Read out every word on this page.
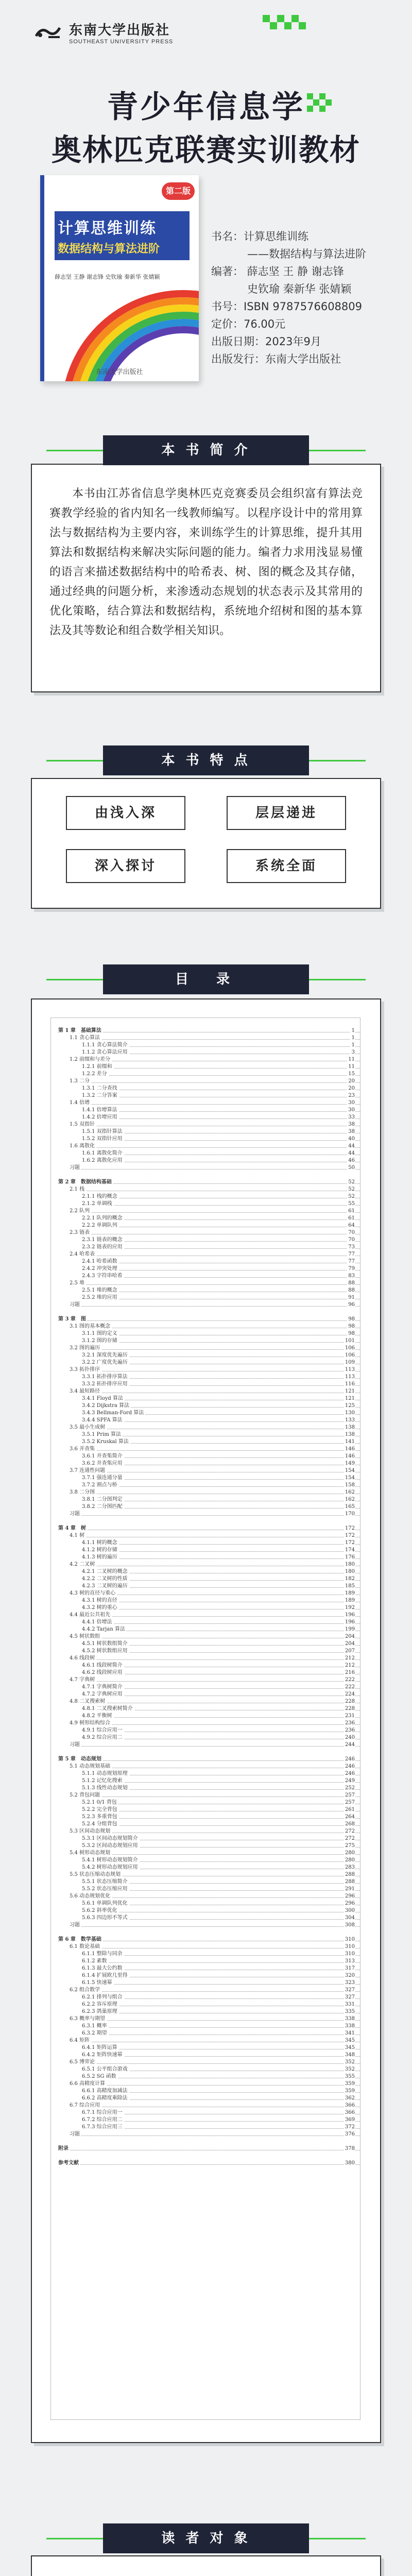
东南大学出版社
SOUTHEAST UNIVERSITY PRESS
青少年信息学
奥林匹克联赛实训教材
第二版
计算思维训练
数据结构与算法进阶
薛志坚 王静 谢志锋 史钦瑜 秦新华 张婧颖
东南大学出版社
书名：计算思维训练
——数据结构与算法进阶
编著： 薛志坚 王 静 谢志锋
史钦瑜 秦新华 张婧颖
书号：ISBN 9787576608809
定价：76.00元
出版日期：2023年9月
出版发行：东南大学出版社
本 书 简 介
本书由江苏省信息学奥林匹克竞赛委员会组织富有算法竞赛教学经验的省内知名一线教师编写。以程序设计中的常用算法与数据结构为主要内容，来训练学生的计算思维，提升其用算法和数据结构来解决实际问题的能力。编者力求用浅显易懂的语言来描述数据结构中的哈希表、树、图的概念及其存储，通过经典的问题分析，来渗透动态规划的状态表示及其常用的优化策略，结合算法和数据结构，系统地介绍树和图的基本算法及其等数论和组合数学相关知识。
本 书 特 点
由浅入深	层层递进
深入探讨	系统全面
目　录
第 1 章　基础算法	1
1.1 贪心算法	1
1.1.1 贪心算法简介	1
1.1.2 贪心算法应用	3
1.2 前缀和与差分	11
1.2.1 前缀和	11
1.2.2 差分	15
1.3 二分	20
1.3.1 二分查找	20
1.3.2 二分答案	23
1.4 倍增	30
1.4.1 倍增算法	30
1.4.2 倍增应用	33
1.5 双指针	38
1.5.1 双指针算法	38
1.5.2 双指针应用	40
1.6 离散化	44
1.6.1 离散化简介	44
1.6.2 离散化应用	46
习题	50
第 2 章　数据结构基础	52
2.1 栈	52
2.1.1 栈的概念	52
2.1.2 单调栈	55
2.2 队列	61
2.2.1 队列的概念	61
2.2.2 单调队列	64
2.3 链表	70
2.3.1 链表的概念	70
2.3.2 链表的应用	73
2.4 哈希表	77
2.4.1 哈希函数	77
2.4.2 冲突处理	79
2.4.3 字符串哈希	83
2.5 堆	88
2.5.1 堆的概念	88
2.5.2 堆的应用	91
习题	96
第 3 章　图	98
3.1 图的基本概念	98
3.1.1 图的定义	98
3.1.2 图的存储	101
3.2 图的遍历	106
3.2.1 深度优先遍历	106
3.2.2 广度优先遍历	109
3.3 拓扑排序	113
3.3.1 拓扑排序算法	113
3.3.2 拓扑排序应用	116
3.4 最短路径	121
3.4.1 Floyd 算法	121
3.4.2 Dijkstra 算法	125
3.4.3 Bellman-Ford 算法	130
3.4.4 SPFA 算法	133
3.5 最小生成树	138
3.5.1 Prim 算法	138
3.5.2 Kruskal 算法	141
3.6 并查集	146
3.6.1 并查集简介	146
3.6.2 并查集应用	149
3.7 连通性问题	154
3.7.1 强连通分量	154
3.7.2 割点与桥	158
3.8 二分图	162
3.8.1 二分图判定	162
3.8.2 二分图匹配	165
习题	170
第 4 章　树	172
4.1 树	172
4.1.1 树的概念	172
4.1.2 树的存储	174
4.1.3 树的遍历	176
4.2 二叉树	180
4.2.1 二叉树的概念	180
4.2.2 二叉树的性质	182
4.2.3 二叉树的遍历	185
4.3 树的直径与重心	189
4.3.1 树的直径	189
4.3.2 树的重心	192
4.4 最近公共祖先	196
4.4.1 倍增法	196
4.4.2 Tarjan 算法	199
4.5 树状数组	204
4.5.1 树状数组简介	204
4.5.2 树状数组应用	207
4.6 线段树	212
4.6.1 线段树简介	212
4.6.2 线段树应用	216
4.7 字典树	222
4.7.1 字典树简介	222
4.7.2 字典树应用	224
4.8 二叉搜索树	228
4.8.1 二叉搜索树简介	228
4.8.2 平衡树	231
4.9 树形结构综合	236
4.9.1 综合应用一	236
4.9.2 综合应用二	240
习题	244
第 5 章　动态规划	246
5.1 动态规划基础	246
5.1.1 动态规划原理	246
5.1.2 记忆化搜索	249
5.1.3 线性动态规划	252
5.2 背包问题	257
5.2.1 0/1 背包	257
5.2.2 完全背包	261
5.2.3 多重背包	264
5.2.4 分组背包	268
5.3 区间动态规划	272
5.3.1 区间动态规划简介	272
5.3.2 区间动态规划应用	275
5.4 树形动态规划	280
5.4.1 树形动态规划简介	280
5.4.2 树形动态规划应用	283
5.5 状态压缩动态规划	288
5.5.1 状态压缩简介	288
5.5.2 状态压缩应用	291
5.6 动态规划优化	296
5.6.1 单调队列优化	296
5.6.2 斜率优化	300
5.6.3 四边形不等式	304
习题	308
第 6 章　数学基础	310
6.1 数论基础	310
6.1.1 整除与同余	310
6.1.2 素数	313
6.1.3 最大公约数	317
6.1.4 扩展欧几里得	320
6.1.5 快速幂	323
6.2 组合数学	327
6.2.1 排列与组合	327
6.2.2 容斥原理	331
6.2.3 鸽巢原理	335
6.3 概率与期望	338
6.3.1 概率	338
6.3.2 期望	341
6.4 矩阵	345
6.4.1 矩阵运算	345
6.4.2 矩阵快速幂	348
6.5 博弈论	352
6.5.1 公平组合游戏	352
6.5.2 SG 函数	355
6.6 高精度计算	359
6.6.1 高精度加减法	359
6.6.2 高精度乘除法	362
6.7 综合应用	366
6.7.1 综合应用一	366
6.7.2 综合应用二	369
6.7.3 综合应用三	372
习题	376
附录	378
参考文献	380
读 者 对 象
